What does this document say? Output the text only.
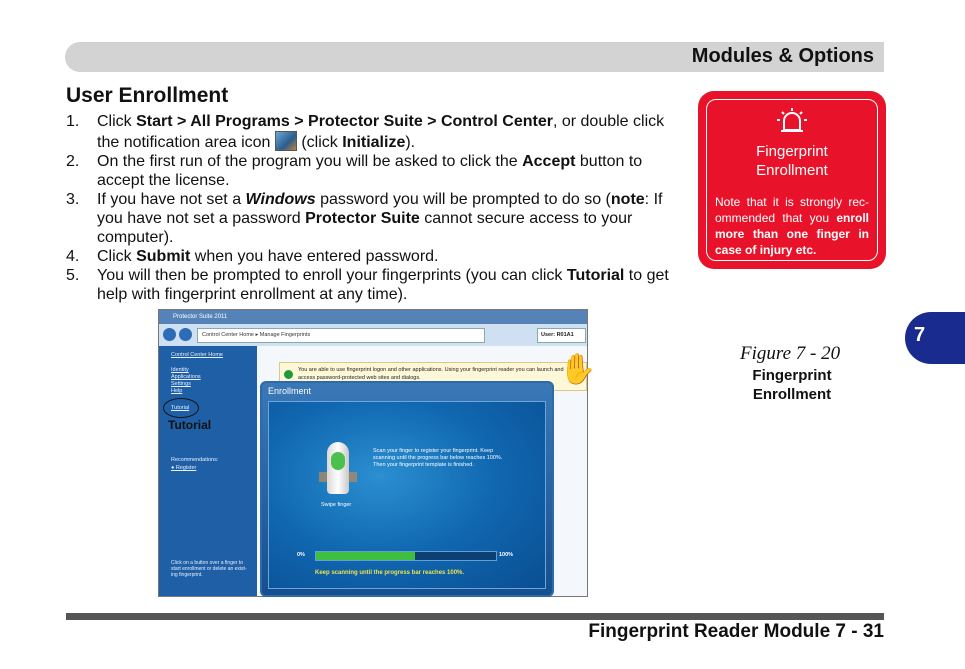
Modules & Options
User Enrollment
1. Click Start > All Programs > Protector Suite > Control Center, or double click the notification area icon  (click Initialize).
2. On the first run of the program you will be asked to click the Accept button to accept the license.
3. If you have not set a Windows password you will be prompted to do so (note: If you have not set a password Protector Suite cannot secure access to your computer).
4. Click Submit when you have entered password.
5. You will then be prompted to enroll your fingerprints (you can click Tutorial to get help with fingerprint enrollment at any time).
Fingerprint
Enrollment
Note that it is strongly rec- ommended that you enroll more than one finger in case of injury etc.
Figure 7 - 20
Fingerprint
Enrollment
7
Protector Suite 2011
Control Center Home ▸ Manage Fingerprints	User: R01A1
Control Center Home
Identity
Applications
Settings
Help
Tutorial
Recommendations:
● Register
Click on a button over a finger to start enrollment or delete an exist- ing fingerprint.
Tutorial
You are able to use fingerprint logon and other applications. Using your fingerprint reader you can launch and access password-protected web sites and dialogs.	✋
Enrollment
Swipe finger
Scan your finger to register your fingerprint. Keep scanning until the progress bar below reaches 100%. Then your fingerprint template is finished.
0%	100%
Keep scanning until the progress bar reaches 100%.
Fingerprint Reader Module 7 - 31
